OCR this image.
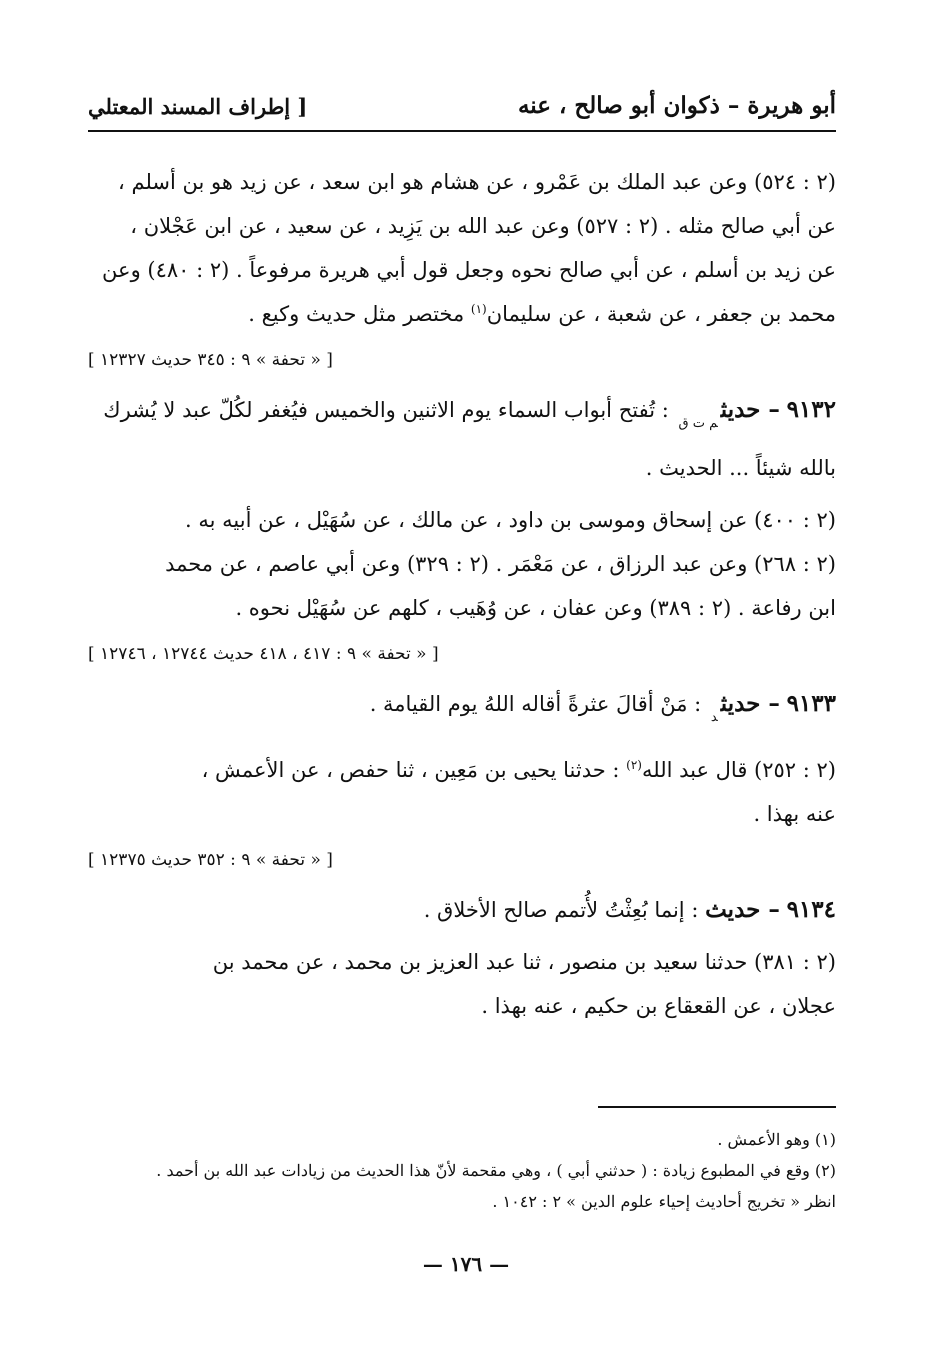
أبو هريرة – ذكوان أبو صالح ، عنه
[ إطراف المسند المعتلي

(٢ : ٥٢٤) وعن عبد الملك بن عَمْرو ، عن هشام هو ابن سعد ، عن زيد هو بن أسلم ،

عن أبي صالح مثله . (٢ : ٥٢٧) وعن عبد الله بن يَزِيد ، عن سعيد ، عن ابن عَجْلان ،

عن زيد بن أسلم ، عن أبي صالح نحوه وجعل قول أبي هريرة مرفوعاً . (٢ : ٤٨٠) وعن

محمد بن جعفر ، عن شعبة ، عن سليمان$^{(١)}$ مختصر مثل حديث وكيع .

[ « تحفة » ٩ : ٣٤٥ حديث ١٢٣٢٧ ]

٩١٣٢ – حديث$_{م ت ق}$ : تُفتح أبواب السماء يوم الاثنين والخميس فيُغفر لكُلّ عبد لا يُشرك
بالله شيئاً ... الحديث .

(٢ : ٤٠٠) عن إسحاق وموسى بن داود ، عن مالك ، عن سُهَيْل ، عن أبيه به .

(٢ : ٢٦٨) وعن عبد الرزاق ، عن مَعْمَر . (٢ : ٣٢٩) وعن أبي عاصم ، عن محمد

ابن رفاعة . (٢ : ٣٨٩) وعن عفان ، عن وُهَيب ، كلهم عن سُهَيْل نحوه .

[ « تحفة » ٩ : ٤١٧ ، ٤١٨ حديث ١٢٧٤٤ ، ١٢٧٤٦ ]

٩١٣٣ – حديث$_د$ : مَنْ أقالَ عثرةً أقاله اللهُ يوم القيامة .

(٢ : ٢٥٢) قال عبد الله$^{(٢)}$ : حدثنا يحيى بن مَعِين ، ثنا حفص ، عن الأعمش ،

عنه بهذا .

[ « تحفة » ٩ : ٣٥٢ حديث ١٢٣٧٥ ]

٩١٣٤ – حديث : إنما بُعِثْتُ لأُتمم صالح الأخلاق .

(٢ : ٣٨١) حدثنا سعيد بن منصور ، ثنا عبد العزيز بن محمد ، عن محمد بن

عجلان ، عن القعقاع بن حكيم ، عنه بهذا .

(١) وهو الأعمش .

(٢) وقع في المطبوع زيادة : ( حدثني أبي ) ، وهي مقحمة لأنّ هذا الحديث من زيادات عبد الله بن أحمد .

انظر « تخريج أحاديث إحياء علوم الدين » ٢ : ١٠٤٢ .

— ١٧٦ —
